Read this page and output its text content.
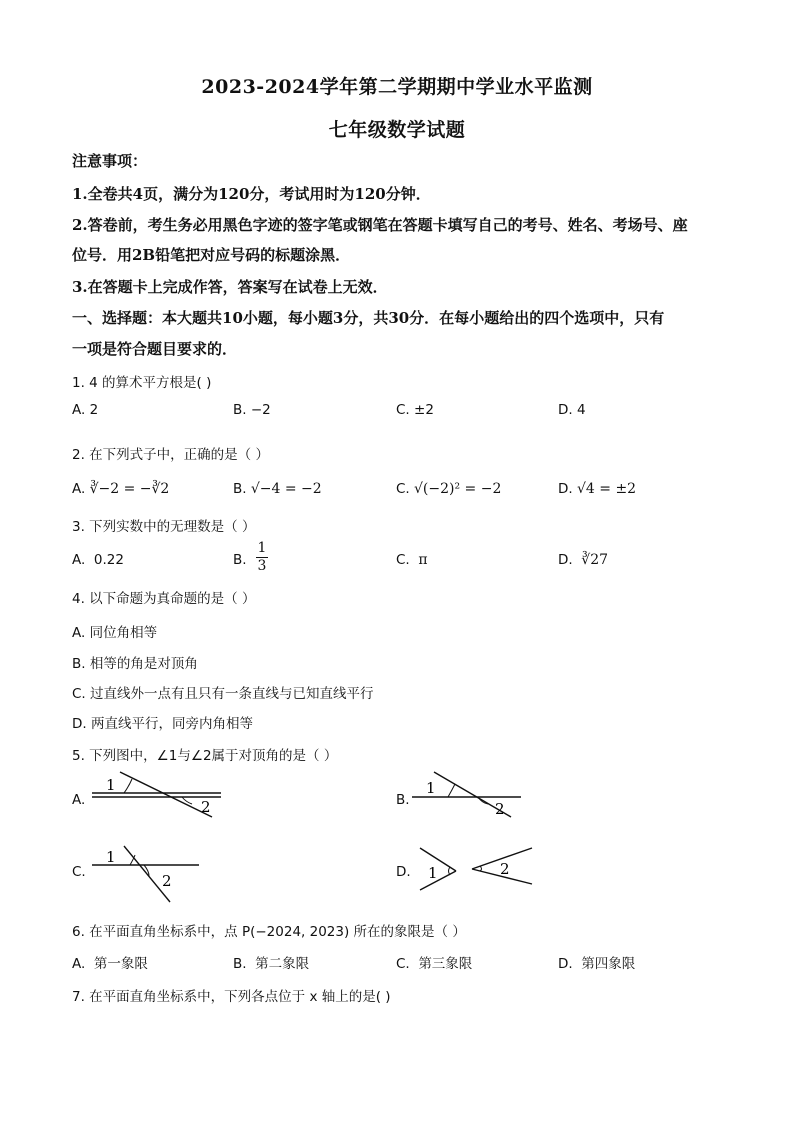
2023-2024学年第二学期期中学业水平监测
七年级数学试题
注意事项：
1.全卷共4页，满分为120分，考试用时为120分钟．
2.答卷前，考生务必用黑色字迹的签字笔或钢笔在答题卡填写自己的考号、姓名、考场号、座
位号．用2B铅笔把对应号码的标题涂黑．
3.在答题卡上完成作答，答案写在试卷上无效．
一、选择题：本大题共10小题，每小题3分，共30分．在每小题给出的四个选项中，只有
一项是符合题目要求的．
1. 4 的算术平方根是( )
A. 2	B. −2	C. ±2	D. 4
2. 在下列式子中，正确的是（ ）
A. ∛−2 = −∛2	B. √−4 = −2	C. √(−2)² = −2	D. √4 = ±2
3. 下列实数中的无理数是（ ）
A. 0.22	B.
1
3	C. π	D. ∛27
4. 以下命题为真命题的是（ ）
A. 同位角相等
B. 相等的角是对顶角
C. 过直线外一点有且只有一条直线与已知直线平行
D. 两直线平行，同旁内角相等
5. 下列图中，∠1与∠2属于对顶角的是（ ）
A.
1
2	B.
1
2
C.
1
2	D. 1	2
6. 在平面直角坐标系中，点 P(−2024, 2023) 所在的象限是（ ）
A. 第一象限	B. 第二象限	C. 第三象限	D. 第四象限
7. 在平面直角坐标系中，下列各点位于 x 轴上的是( )
